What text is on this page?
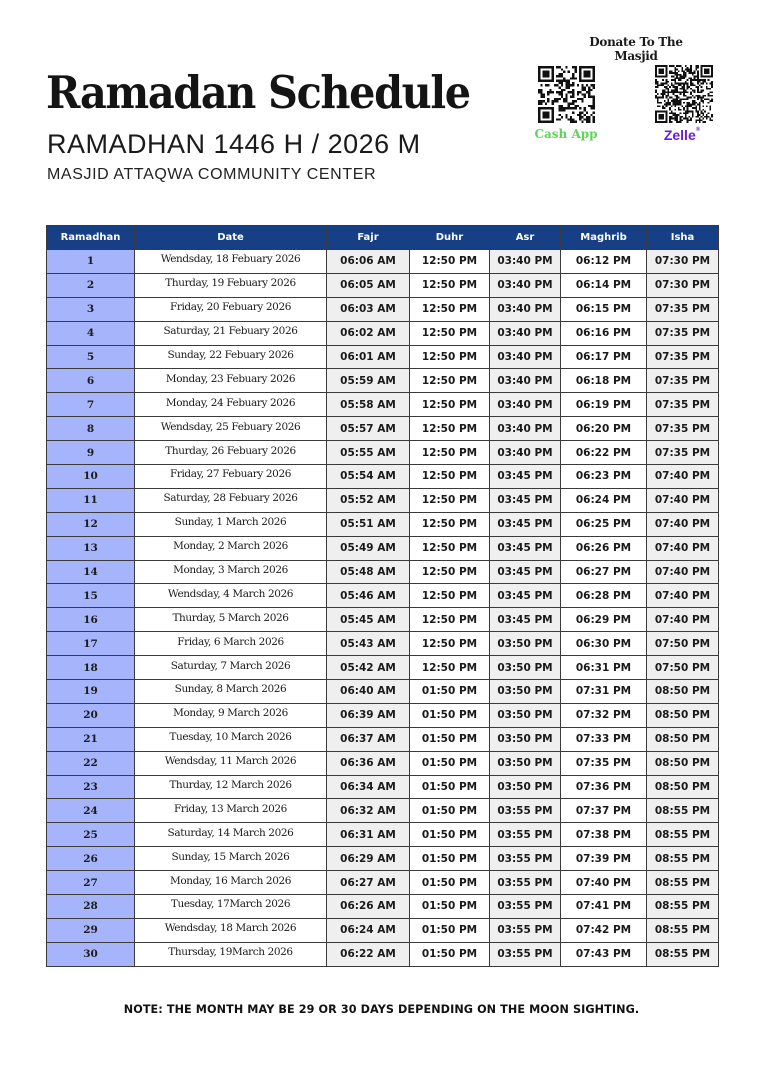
Ramadan Schedule
RAMADHAN 1446 H / 2026 M
MASJID ATTAQWA COMMUNITY CENTER
Donate To The Masjid
Cash App	Zelle®
Ramadhan	Date	Fajr	Duhr	Asr	Maghrib	Isha
1	Wendsday, 18 Febuary 2026	06:06 AM	12:50 PM	03:40 PM	06:12 PM	07:30 PM
2	Thurday, 19 Febuary 2026	06:05 AM	12:50 PM	03:40 PM	06:14 PM	07:30 PM
3	Friday, 20 Febuary 2026	06:03 AM	12:50 PM	03:40 PM	06:15 PM	07:35 PM
4	Saturday, 21 Febuary 2026	06:02 AM	12:50 PM	03:40 PM	06:16 PM	07:35 PM
5	Sunday, 22 Febuary 2026	06:01 AM	12:50 PM	03:40 PM	06:17 PM	07:35 PM
6	Monday, 23 Febuary 2026	05:59 AM	12:50 PM	03:40 PM	06:18 PM	07:35 PM
7	Monday, 24 Febuary 2026	05:58 AM	12:50 PM	03:40 PM	06:19 PM	07:35 PM
8	Wendsday, 25 Febuary 2026	05:57 AM	12:50 PM	03:40 PM	06:20 PM	07:35 PM
9	Thurday, 26 Febuary 2026	05:55 AM	12:50 PM	03:40 PM	06:22 PM	07:35 PM
10	Friday, 27 Febuary 2026	05:54 AM	12:50 PM	03:45 PM	06:23 PM	07:40 PM
11	Saturday, 28 Febuary 2026	05:52 AM	12:50 PM	03:45 PM	06:24 PM	07:40 PM
12	Sunday, 1 March 2026	05:51 AM	12:50 PM	03:45 PM	06:25 PM	07:40 PM
13	Monday, 2 March 2026	05:49 AM	12:50 PM	03:45 PM	06:26 PM	07:40 PM
14	Monday, 3 March 2026	05:48 AM	12:50 PM	03:45 PM	06:27 PM	07:40 PM
15	Wendsday, 4 March 2026	05:46 AM	12:50 PM	03:45 PM	06:28 PM	07:40 PM
16	Thurday, 5 March 2026	05:45 AM	12:50 PM	03:45 PM	06:29 PM	07:40 PM
17	Friday, 6 March 2026	05:43 AM	12:50 PM	03:50 PM	06:30 PM	07:50 PM
18	Saturday, 7 March 2026	05:42 AM	12:50 PM	03:50 PM	06:31 PM	07:50 PM
19	Sunday, 8 March 2026	06:40 AM	01:50 PM	03:50 PM	07:31 PM	08:50 PM
20	Monday, 9 March 2026	06:39 AM	01:50 PM	03:50 PM	07:32 PM	08:50 PM
21	Tuesday, 10 March 2026	06:37 AM	01:50 PM	03:50 PM	07:33 PM	08:50 PM
22	Wendsday, 11 March 2026	06:36 AM	01:50 PM	03:50 PM	07:35 PM	08:50 PM
23	Thurday, 12 March 2026	06:34 AM	01:50 PM	03:50 PM	07:36 PM	08:50 PM
24	Friday, 13 March 2026	06:32 AM	01:50 PM	03:55 PM	07:37 PM	08:55 PM
25	Saturday, 14 March 2026	06:31 AM	01:50 PM	03:55 PM	07:38 PM	08:55 PM
26	Sunday, 15 March 2026	06:29 AM	01:50 PM	03:55 PM	07:39 PM	08:55 PM
27	Monday, 16 March 2026	06:27 AM	01:50 PM	03:55 PM	07:40 PM	08:55 PM
28	Tuesday, 17March 2026	06:26 AM	01:50 PM	03:55 PM	07:41 PM	08:55 PM
29	Wendsday, 18 March 2026	06:24 AM	01:50 PM	03:55 PM	07:42 PM	08:55 PM
30	Thursday, 19March 2026	06:22 AM	01:50 PM	03:55 PM	07:43 PM	08:55 PM
NOTE: THE MONTH MAY BE 29 OR 30 DAYS DEPENDING ON THE MOON SIGHTING.
